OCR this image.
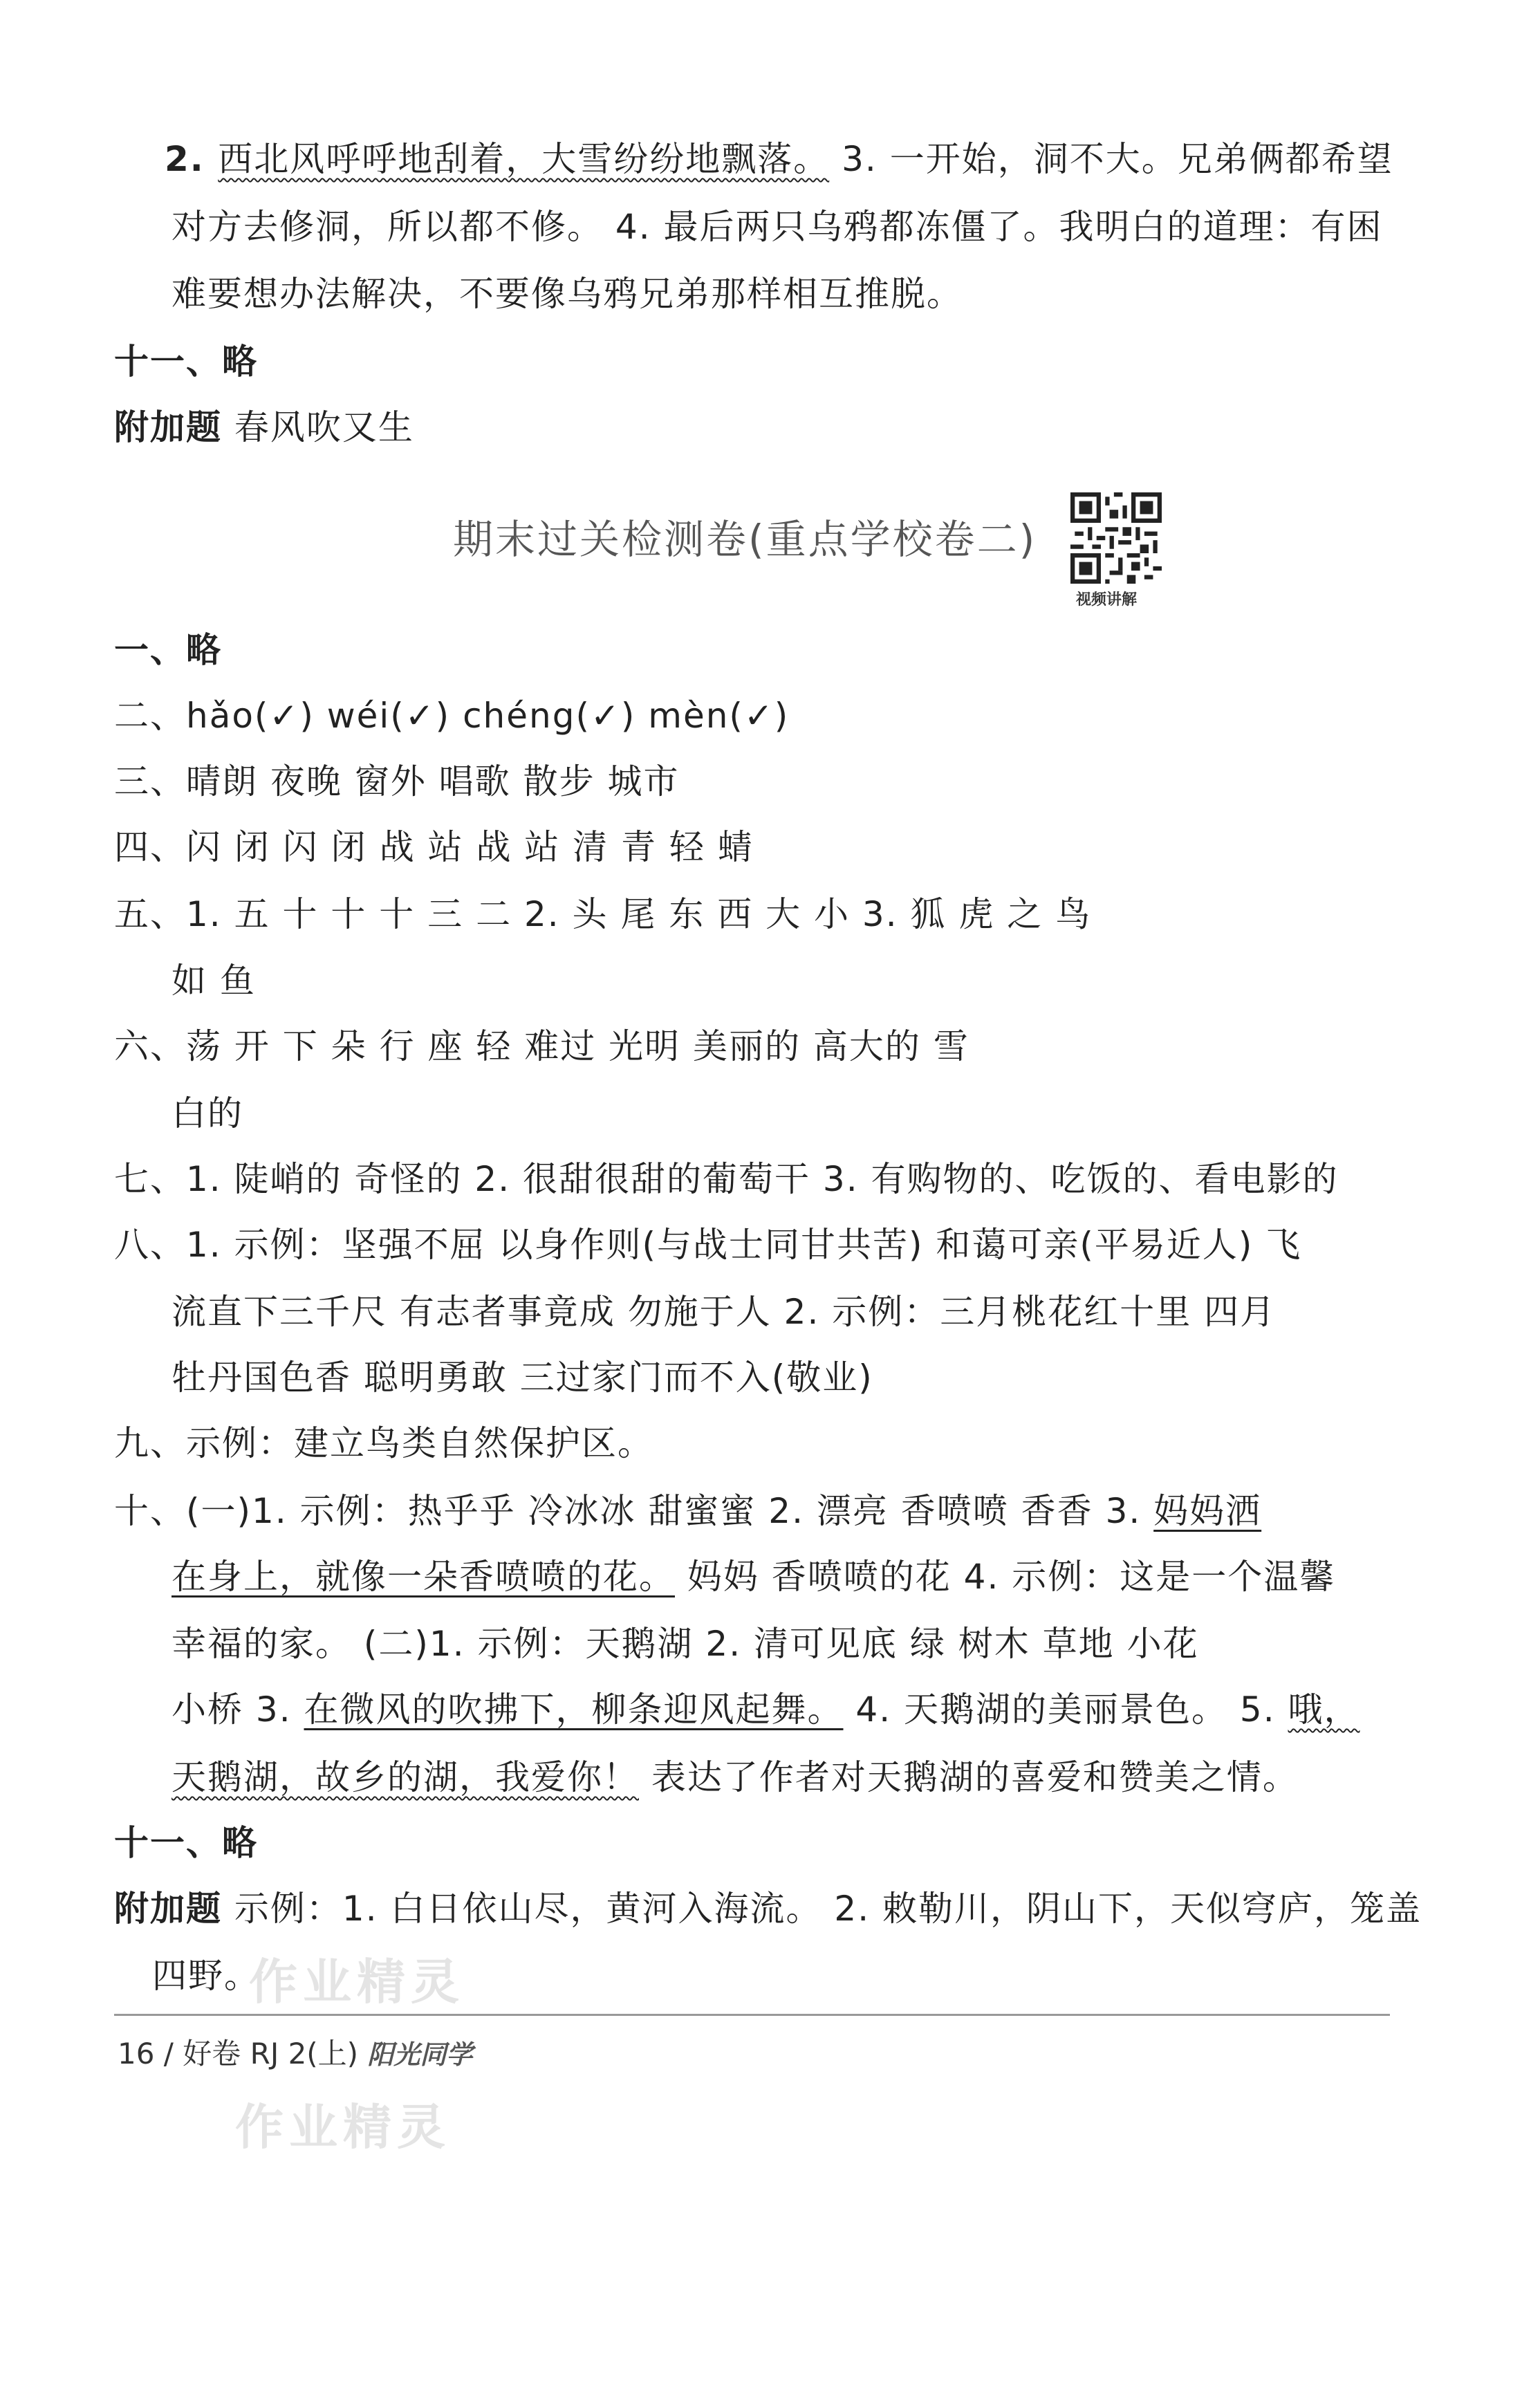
2. 西北风呼呼地刮着，大雪纷纷地飘落。 3. 一开始，洞不大。兄弟俩都希望
对方去修洞，所以都不修。 4. 最后两只乌鸦都冻僵了。我明白的道理：有困
难要想办法解决，不要像乌鸦兄弟那样相互推脱。
十一、略
附加题 春风吹又生
期末过关检测卷(重点学校卷二)
视频讲解
一、略
二、hǎo(✓) wéi(✓) chéng(✓) mèn(✓)
三、晴朗 夜晚 窗外 唱歌 散步 城市
四、闪 闭 闪 闭 战 站 战 站 清 青 轻 蜻
五、1. 五 十 十 十 三 二 2. 头 尾 东 西 大 小 3. 狐 虎 之 鸟
如 鱼
六、荡 开 下 朵 行 座 轻 难过 光明 美丽的 高大的 雪
白的
七、1. 陡峭的 奇怪的 2. 很甜很甜的葡萄干 3. 有购物的、吃饭的、看电影的
八、1. 示例：坚强不屈 以身作则(与战士同甘共苦) 和蔼可亲(平易近人) 飞
流直下三千尺 有志者事竟成 勿施于人 2. 示例：三月桃花红十里 四月
牡丹国色香 聪明勇敢 三过家门而不入(敬业)
九、示例：建立鸟类自然保护区。
十、(一)1. 示例：热乎乎 冷冰冰 甜蜜蜜 2. 漂亮 香喷喷 香香 3. 妈妈洒
在身上，就像一朵香喷喷的花。 妈妈 香喷喷的花 4. 示例：这是一个温馨
幸福的家。 (二)1. 示例：天鹅湖 2. 清可见底 绿 树木 草地 小花
小桥 3. 在微风的吹拂下，柳条迎风起舞。 4. 天鹅湖的美丽景色。 5. 哦，
天鹅湖，故乡的湖，我爱你！ 表达了作者对天鹅湖的喜爱和赞美之情。
十一、略
附加题 示例：1. 白日依山尽，黄河入海流。 2. 敕勒川，阴山下，天似穹庐，笼盖
四野。
作业精灵
作业精灵
16 / 好卷 RJ 2(上) 阳光同学
